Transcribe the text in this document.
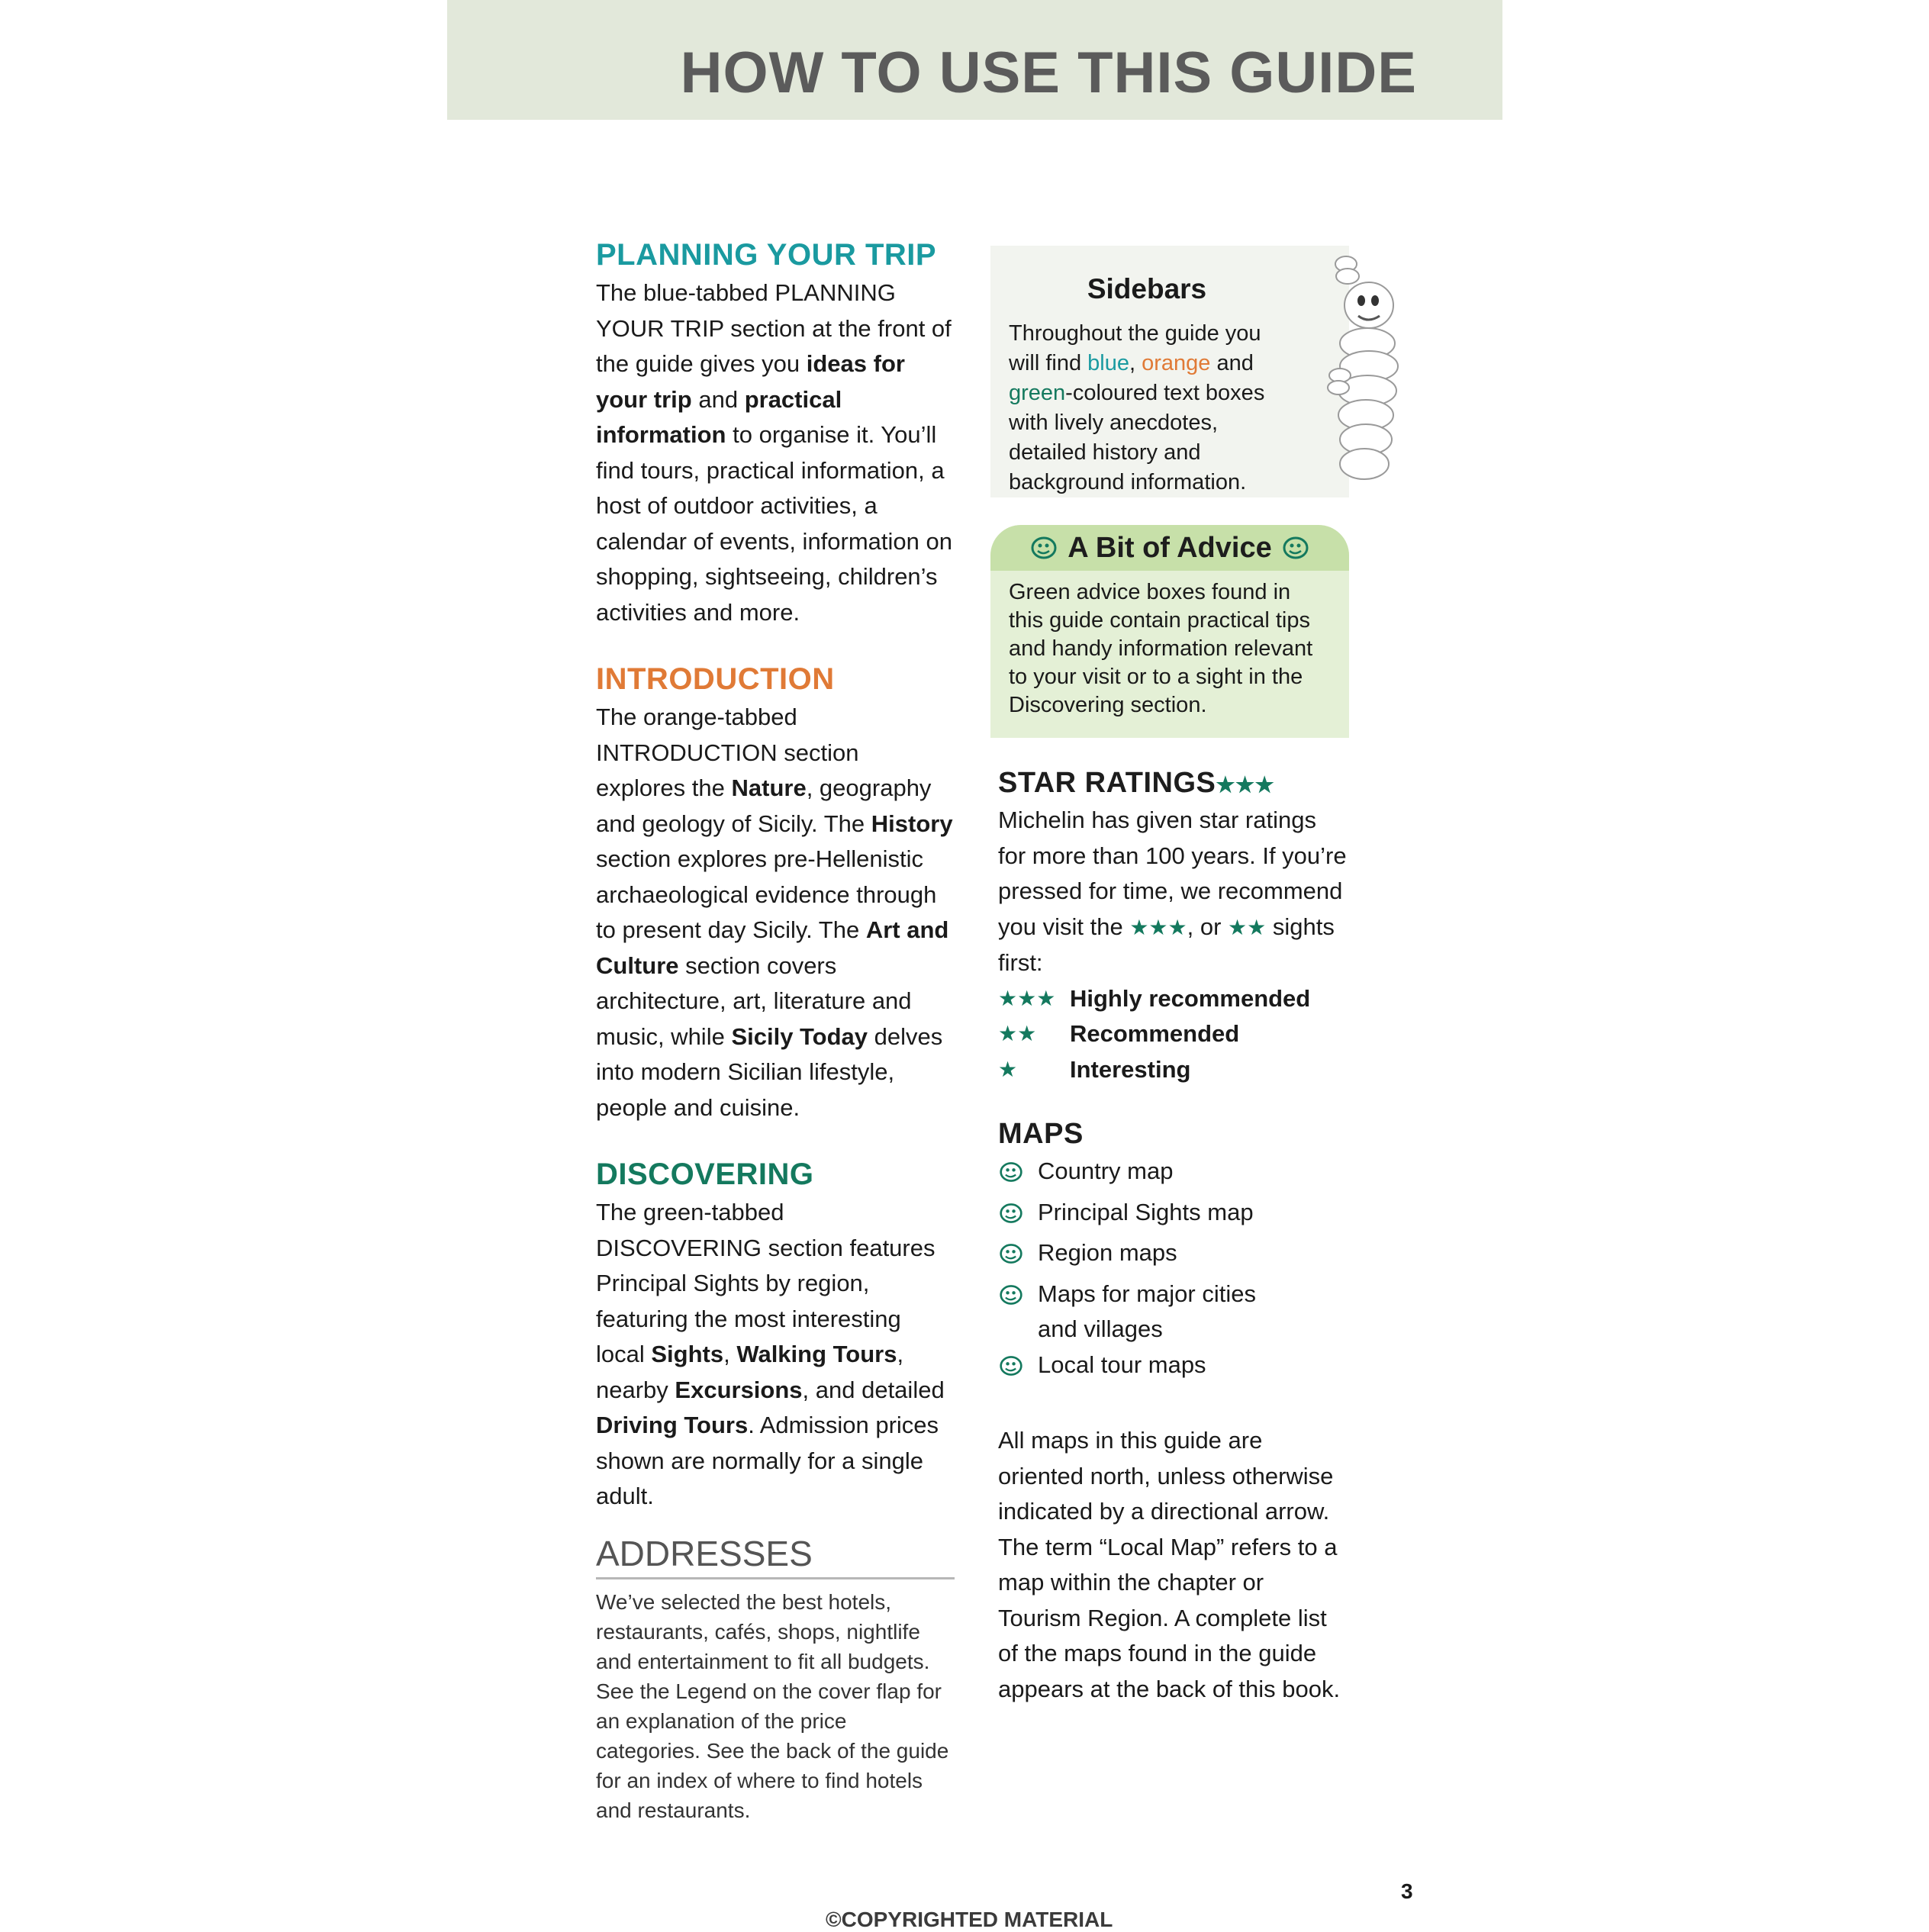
HOW TO USE THIS GUIDE
PLANNING YOUR TRIP

The blue-tabbed PLANNING YOUR TRIP section at the front of the guide gives you ideas for your trip and practical information to organise it. You’ll find tours, practical information, a host of outdoor activities, a calendar of events, information on shopping, sightseeing, children’s activities and more.

INTRODUCTION

The orange-tabbed INTRODUCTION section explores the Nature, geography and geology of Sicily. The History section explores pre-Hellenistic archaeological evidence through to present day Sicily. The Art and Culture section covers architecture, art, literature and music, while Sicily Today delves into modern Sicilian lifestyle, people and cuisine.

DISCOVERING

The green-tabbed DISCOVERING section features Principal Sights by region, featuring the most interesting local Sights, Walking Tours, nearby Excursions, and detailed Driving Tours. Admission prices shown are normally for a single adult.

ADDRESSES

We’ve selected the best hotels, restaurants, cafés, shops, nightlife and entertainment to fit all budgets. See the Legend on the cover flap for an explanation of the price categories. See the back of the guide for an index of where to find hotels and restaurants.

Sidebars

Throughout the guide you will find blue, orange and green-coloured text boxes with lively anecdotes, detailed history and background information.

A Bit of Advice

Green advice boxes found in this guide contain practical tips and handy information relevant to your visit or to a sight in the Discovering section.

STAR RATINGS★★★

Michelin has given star ratings for more than 100 years. If you’re pressed for time, we recommend you visit the ★★★, or ★★ sights first:

★★★ Highly recommended
★★	Recommended
★	Interesting
MAPS
Country map
Principal Sights map
Region maps
Maps for major cities and villages
Local tour maps

All maps in this guide are oriented north, unless otherwise indicated by a directional arrow. The term “Local Map” refers to a map within the chapter or Tourism Region. A complete list of the maps found in the guide appears at the back of this book.

3

©COPYRIGHTED MATERIAL
